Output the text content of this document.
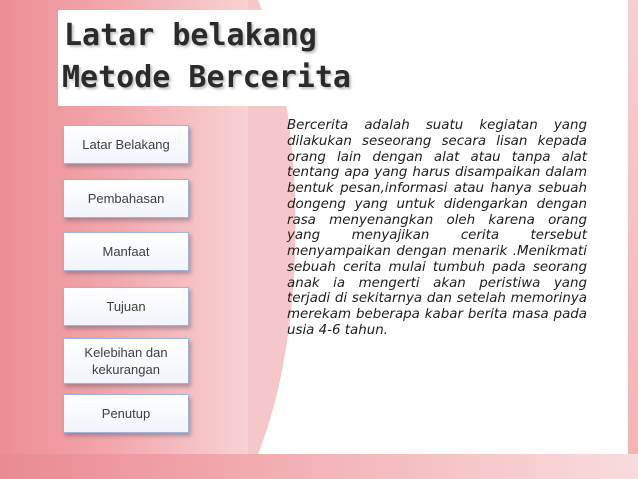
Latar belakang
Metode Bercerita
Latar Belakang
Pembahasan
Manfaat
Tujuan
Kelebihan dan kekurangan
Penutup
Bercerita adalah suatu kegiatan yang dilakukan seseorang secara lisan kepada orang lain dengan alat atau tanpa alat tentang apa yang harus disampaikan dalam bentuk pesan,informasi atau hanya sebuah dongeng yang untuk didengarkan dengan rasa menyenangkan oleh karena orang yang menyajikan cerita tersebut menyampaikan dengan menarik .Menikmati sebuah cerita mulai tumbuh pada seorang anak ia mengerti akan peristiwa yang terjadi di sekitarnya dan setelah memorinya merekam beberapa kabar berita masa pada usia 4-6 tahun.
